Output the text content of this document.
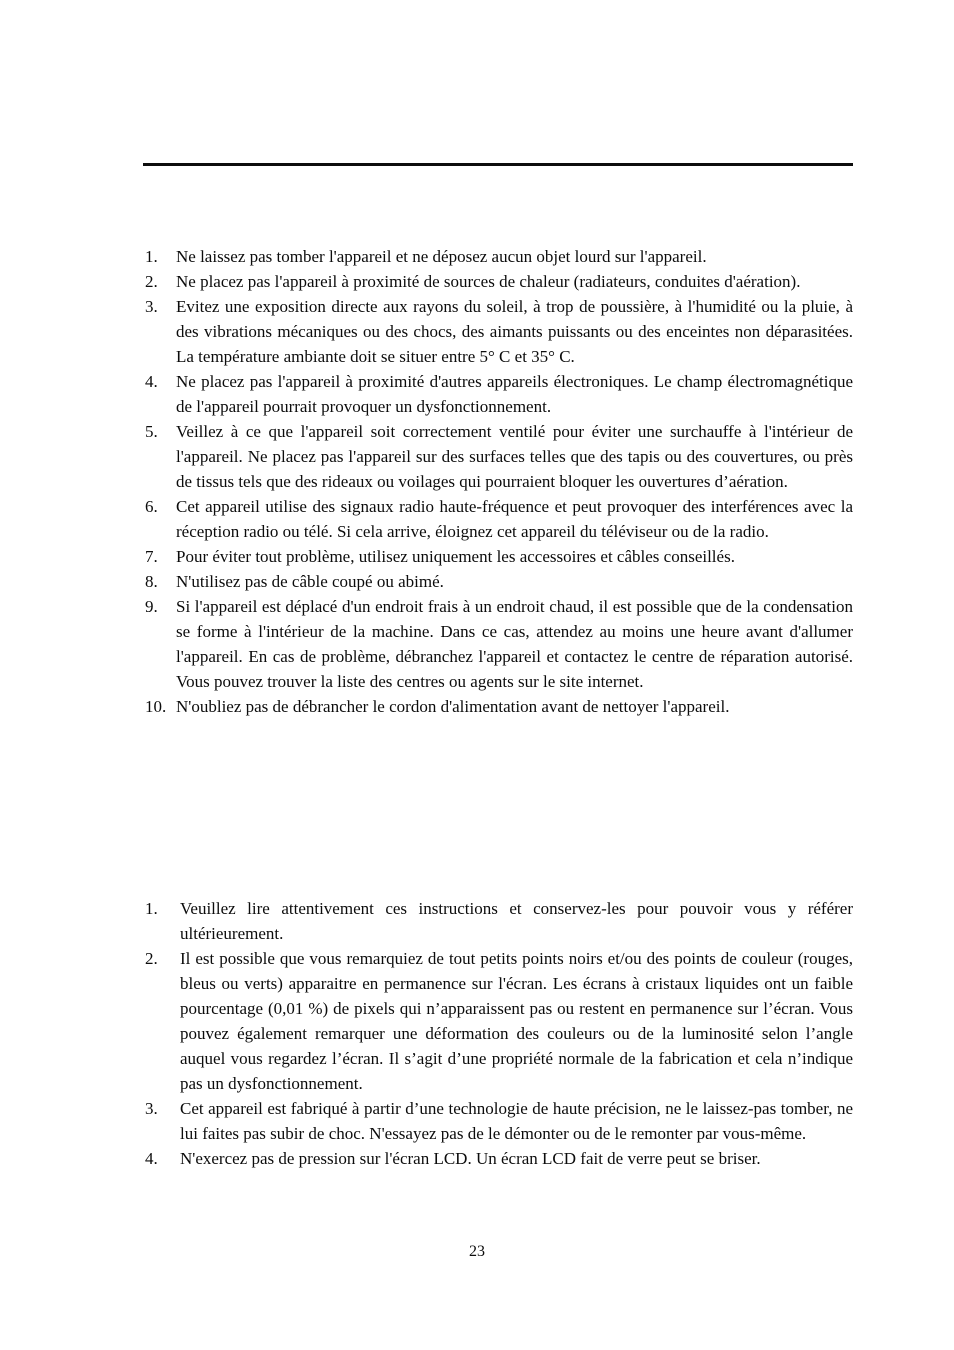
1.	Ne laissez pas tomber l'appareil et ne déposez aucun objet lourd sur l'appareil.
2.	Ne placez pas l'appareil à proximité de sources de chaleur (radiateurs, conduites d'aération).
3.	Evitez une exposition directe aux rayons du soleil, à trop de poussière, à l'humidité ou la pluie, à des vibrations mécaniques ou des chocs, des aimants puissants ou des enceintes non déparasitées. La température ambiante doit se situer entre 5° C et 35° C.
4.	Ne placez pas l'appareil à proximité d'autres appareils électroniques. Le champ électromagnétique de l'appareil pourrait provoquer un dysfonctionnement.
5.	Veillez à ce que l'appareil soit correctement ventilé pour éviter une surchauffe à l'intérieur de l'appareil. Ne placez pas l'appareil sur des surfaces telles que des tapis ou des couvertures, ou près de tissus tels que des rideaux ou voilages qui pourraient bloquer les ouvertures d’aération.
6.	Cet appareil utilise des signaux radio haute-fréquence et peut provoquer des interférences avec la réception radio ou télé. Si cela arrive, éloignez cet appareil du téléviseur ou de la radio.
7.	Pour éviter tout problème, utilisez uniquement les accessoires et câbles conseillés.
8.	N'utilisez pas de câble coupé ou abimé.
9.	Si l'appareil est déplacé d'un endroit frais à un endroit chaud, il est possible que de la condensation se forme à l'intérieur de la machine. Dans ce cas, attendez au moins une heure avant d'allumer l'appareil. En cas de problème, débranchez l'appareil et contactez le centre de réparation autorisé. Vous pouvez trouver la liste des centres ou agents sur le site internet.
10. N'oubliez pas de débrancher le cordon d'alimentation avant de nettoyer l'appareil.
1.	Veuillez lire attentivement ces instructions et conservez-les pour pouvoir vous y référer ultérieurement.
2.	Il est possible que vous remarquiez de tout petits points noirs et/ou des points de couleur (rouges, bleus ou verts) apparaitre en permanence sur l'écran. Les écrans à cristaux liquides ont un faible pourcentage (0,01 %) de pixels qui n’apparaissent pas ou restent en permanence sur l’écran. Vous pouvez également remarquer une déformation des couleurs ou de la luminosité selon l’angle auquel vous regardez l’écran. Il s’agit d’une propriété normale de la fabrication et cela n’indique pas un dysfonctionnement.
3.	Cet appareil est fabriqué à partir d’une technologie de haute précision, ne le laissez-pas tomber, ne lui faites pas subir de choc. N'essayez pas de le démonter ou de le remonter par vous-même.
4.	N'exercez pas de pression sur l'écran LCD. Un écran LCD fait de verre peut se briser.
23
